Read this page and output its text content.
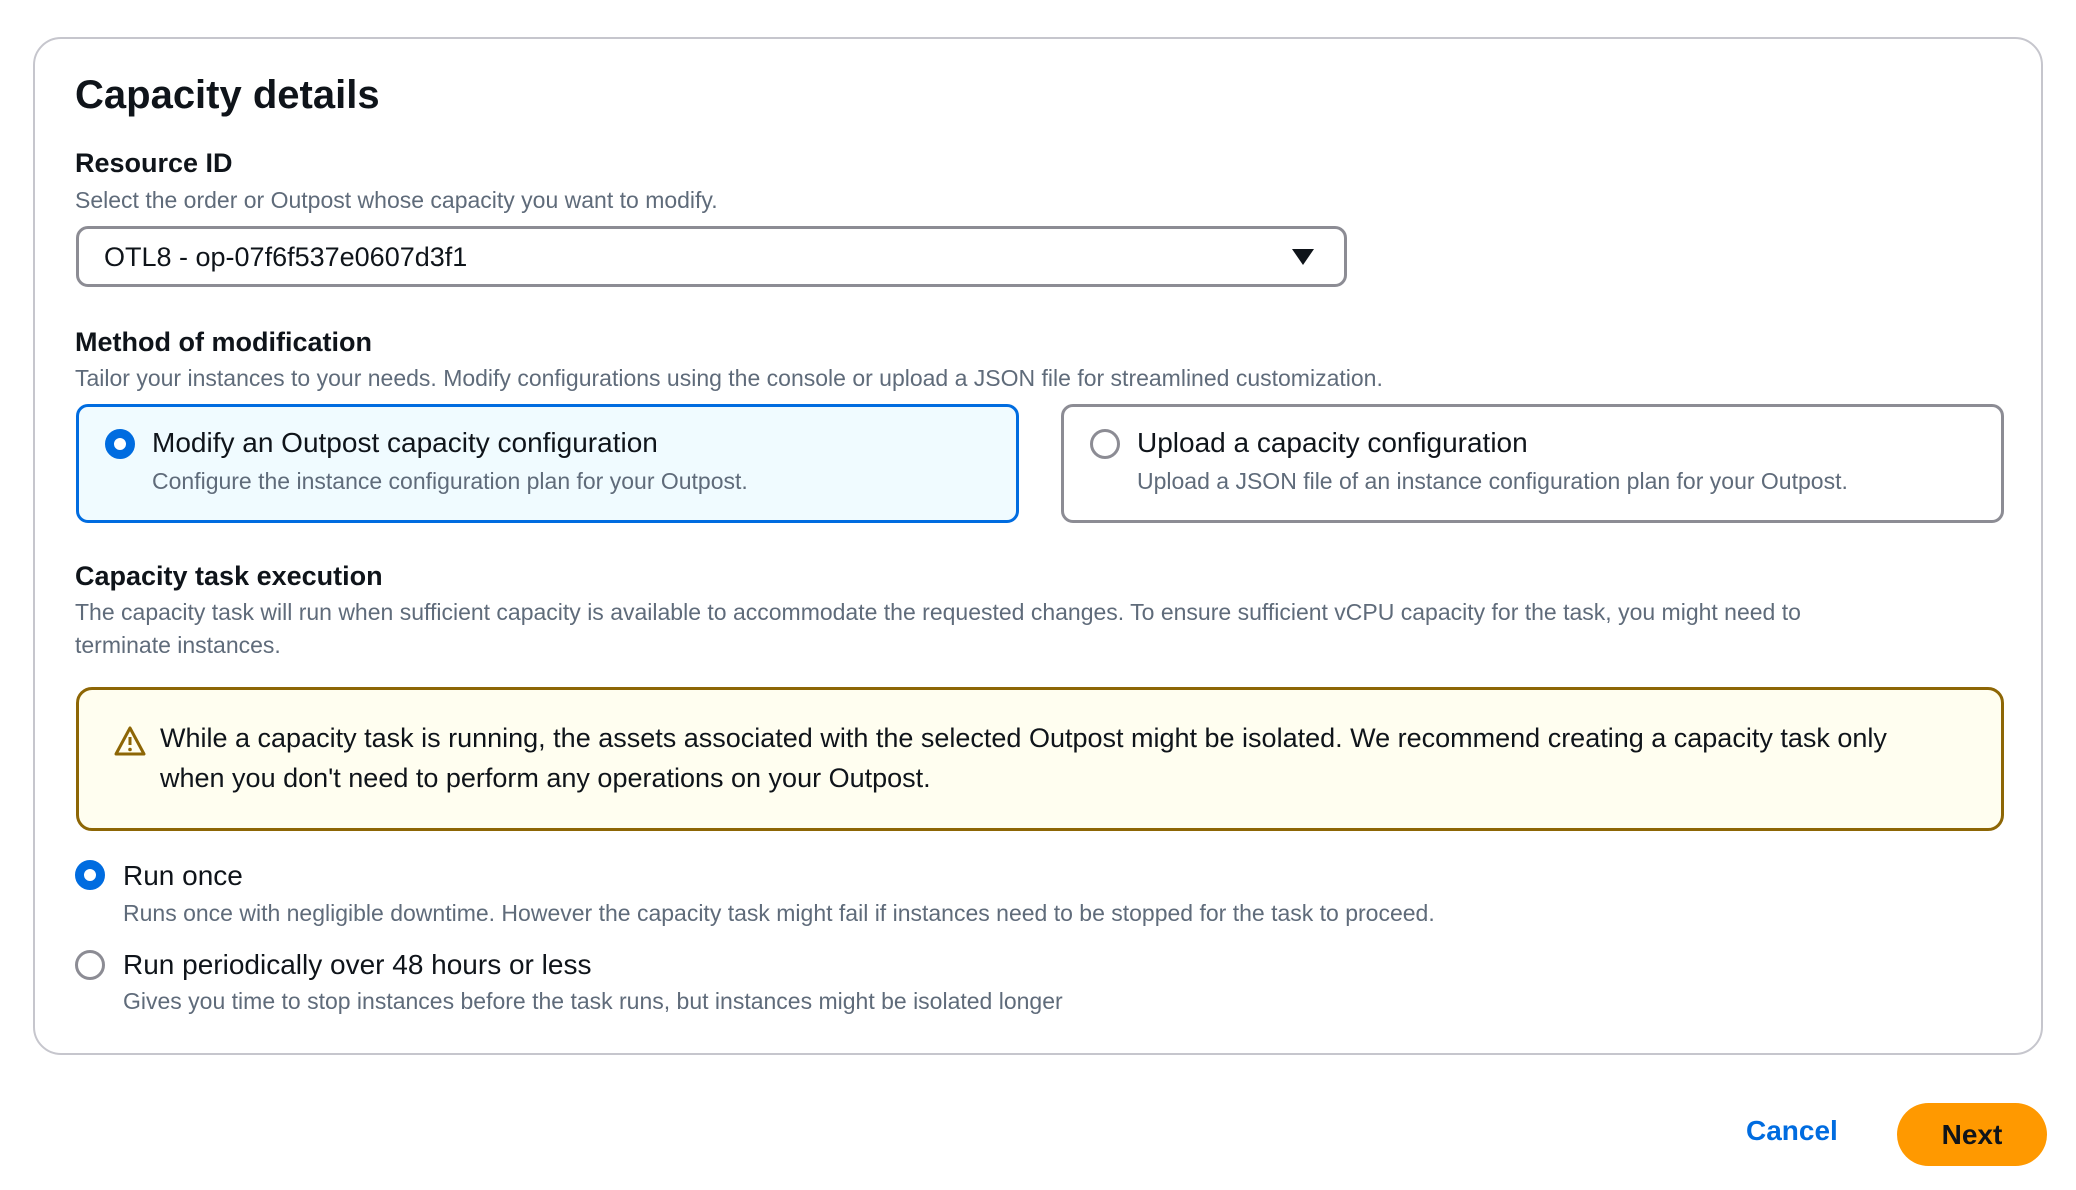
Capacity details
Resource ID
Select the order or Outpost whose capacity you want to modify.
OTL8 - op-07f6f537e0607d3f1
Method of modification
Tailor your instances to your needs. Modify configurations using the console or upload a JSON file for streamlined customization.
Modify an Outpost capacity configuration
Configure the instance configuration plan for your Outpost.
Upload a capacity configuration
Upload a JSON file of an instance configuration plan for your Outpost.
Capacity task execution
The capacity task will run when sufficient capacity is available to accommodate the requested changes. To ensure sufficient vCPU capacity for the task, you might need to
terminate instances.
While a capacity task is running, the assets associated with the selected Outpost might be isolated. We recommend creating a capacity task only when you don't need to perform any operations on your Outpost.
Run once
Runs once with negligible downtime. However the capacity task might fail if instances need to be stopped for the task to proceed.
Run periodically over 48 hours or less
Gives you time to stop instances before the task runs, but instances might be isolated longer
Cancel	Next
